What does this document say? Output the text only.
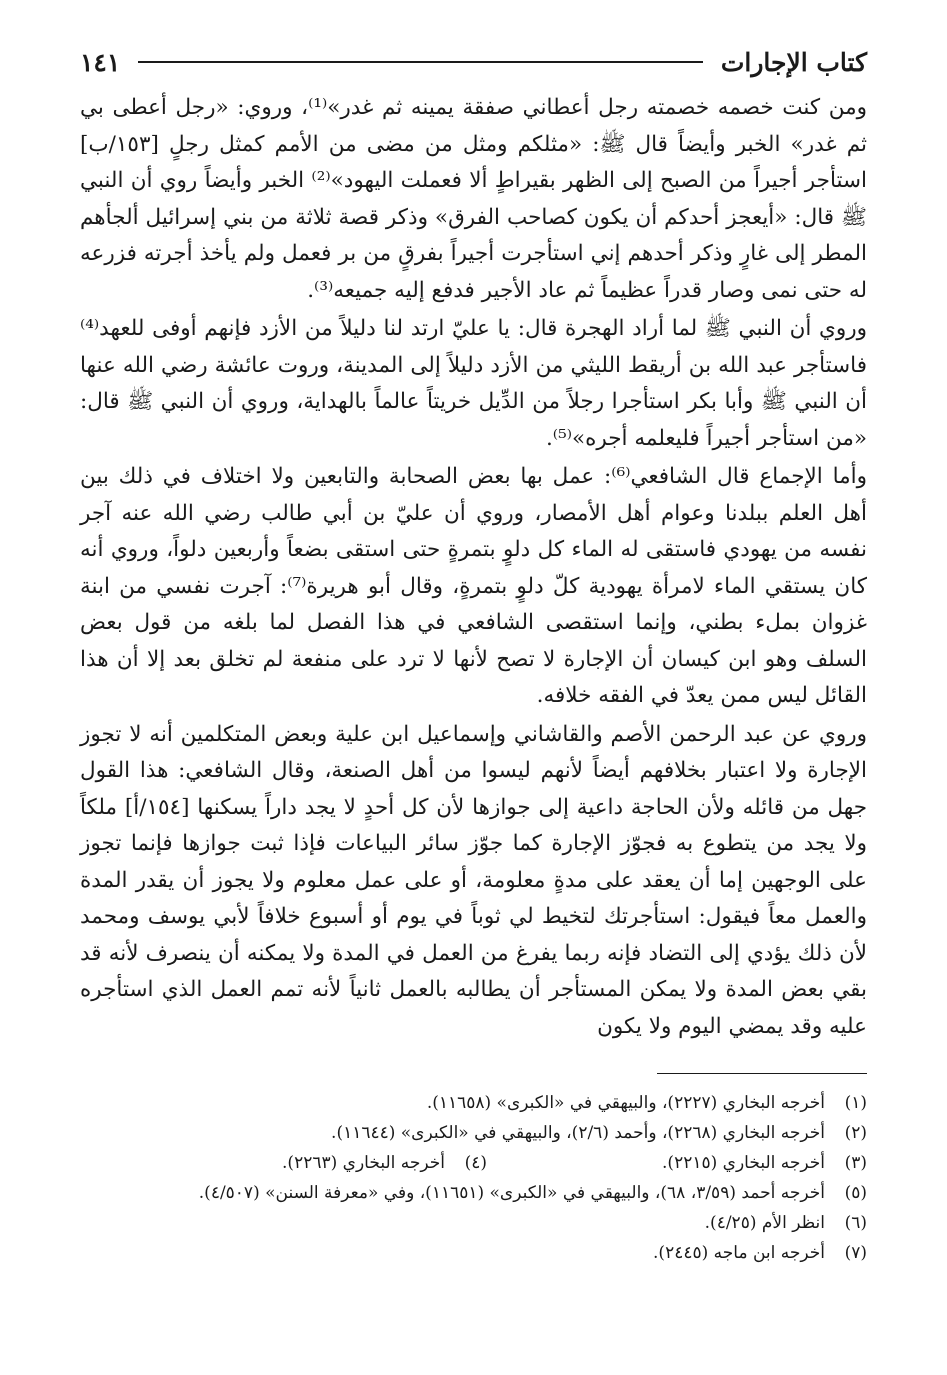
كتاب الإجارات
١٤١

ومن كنت خصمه خصمته رجل أعطاني صفقة يمينه ثم غدر»⁽¹⁾، وروي: «رجل أعطى بي ثم غدر» الخبر وأيضاً قال ﷺ: «مثلكم ومثل من مضى من الأمم كمثل رجلٍ [١٥٣/ب] استأجر أجيراً من الصبح إلى الظهر بقيراطٍ ألا فعملت اليهود»⁽²⁾ الخبر وأيضاً روي أن النبي ﷺ قال: «أيعجز أحدكم أن يكون كصاحب الفرق» وذكر قصة ثلاثة من بني إسرائيل ألجأهم المطر إلى غارٍ وذكر أحدهم إني استأجرت أجيراً بفرقٍ من بر فعمل ولم يأخذ أجرته فزرعه له حتى نمى وصار قدراً عظيماً ثم عاد الأجير فدفع إليه جميعه⁽³⁾.

وروي أن النبي ﷺ لما أراد الهجرة قال: يا عليّ ارتد لنا دليلاً من الأزد فإنهم أوفى للعهد⁽⁴⁾ فاستأجر عبد الله بن أريقط الليثي من الأزد دليلاً إلى المدينة، وروت عائشة رضي الله عنها أن النبي ﷺ وأبا بكر استأجرا رجلاً من الدِّيل خريتاً عالماً بالهداية، وروي أن النبي ﷺ قال: «من استأجر أجيراً فليعلمه أجره»⁽⁵⁾.

وأما الإجماع قال الشافعي⁽⁶⁾: عمل بها بعض الصحابة والتابعين ولا اختلاف في ذلك بين أهل العلم ببلدنا وعوام أهل الأمصار، وروي أن عليّ بن أبي طالب رضي الله عنه آجر نفسه من يهودي فاستقى له الماء كل دلوٍ بتمرةٍ حتى استقى بضعاً وأربعين دلواً، وروي أنه كان يستقي الماء لامرأة يهودية كلّ دلوٍ بتمرةٍ، وقال أبو هريرة⁽⁷⁾: آجرت نفسي من ابنة غزوان بملء بطني، وإنما استقصى الشافعي في هذا الفصل لما بلغه من قول بعض السلف وهو ابن كيسان أن الإجارة لا تصح لأنها لا ترد على منفعة لم تخلق بعد إلا أن هذا القائل ليس ممن يعدّ في الفقه خلافه.

وروي عن عبد الرحمن الأصم والقاشاني وإسماعيل ابن علية وبعض المتكلمين أنه لا تجوز الإجارة ولا اعتبار بخلافهم أيضاً لأنهم ليسوا من أهل الصنعة، وقال الشافعي: هذا القول جهل من قائله ولأن الحاجة داعية إلى جوازها لأن كل أحدٍ لا يجد داراً يسكنها [١٥٤/أ] ملكاً ولا يجد من يتطوع به فجوّز الإجارة كما جوّز سائر البياعات فإذا ثبت جوازها فإنما تجوز على الوجهين إما أن يعقد على مدةٍ معلومة، أو على عمل معلوم ولا يجوز أن يقدر المدة والعمل معاً فيقول: استأجرتك لتخيط لي ثوباً في يوم أو أسبوع خلافاً لأبي يوسف ومحمد لأن ذلك يؤدي إلى التضاد فإنه ربما يفرغ من العمل في المدة ولا يمكنه أن ينصرف لأنه قد بقي بعض المدة ولا يمكن المستأجر أن يطالبه بالعمل ثانياً لأنه تمم العمل الذي استأجره عليه وقد يمضي اليوم ولا يكون

(١)
أخرجه البخاري (٢٢٢٧)، والبيهقي في «الكبرى» (١١٦٥٨).
(٢)
أخرجه البخاري (٢٢٦٨)، وأحمد (٢/٦)، والبيهقي في «الكبرى» (١١٦٤٤).
(٣)
أخرجه البخاري (٢٢١٥).
(٤)
أخرجه البخاري (٢٢٦٣).
(٥)
أخرجه أحمد (٣/٥٩، ٦٨)، والبيهقي في «الكبرى» (١١٦٥١)، وفي «معرفة السنن» (٤/٥٠٧).
(٦)
انظر الأم (٤/٢٥).
(٧)
أخرجه ابن ماجه (٢٤٤٥).
